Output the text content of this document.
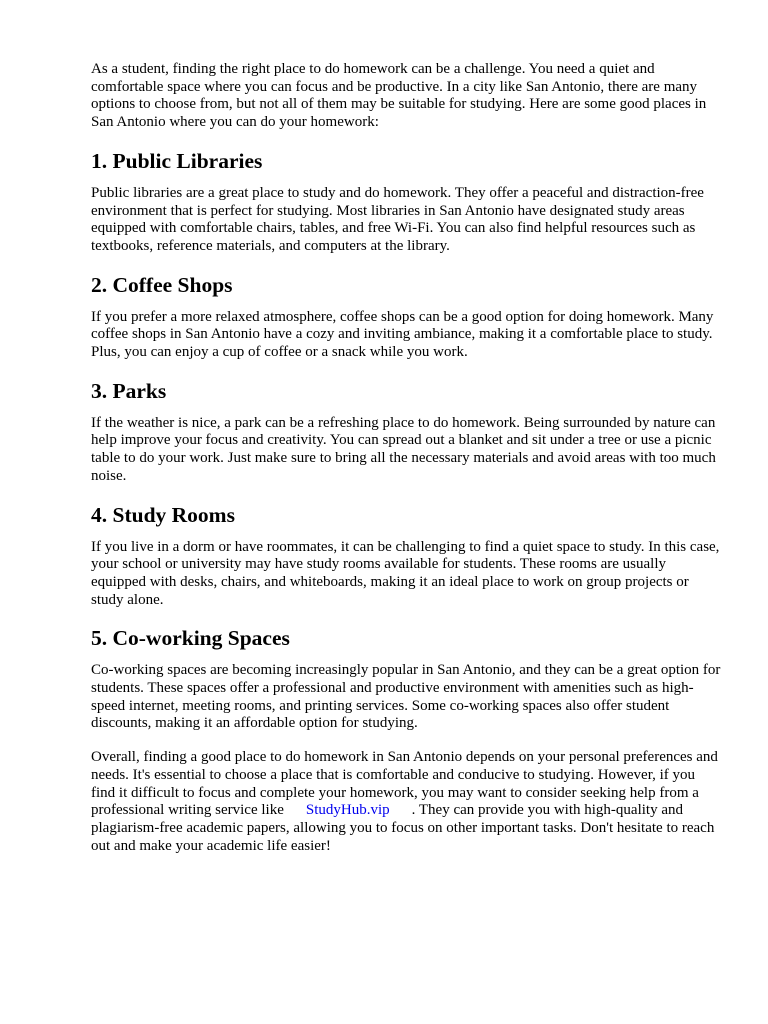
As a student, finding the right place to do homework can be a challenge. You need a quiet and comfortable space where you can focus and be productive. In a city like San Antonio, there are many options to choose from, but not all of them may be suitable for studying. Here are some good places in San Antonio where you can do your homework:

1. Public Libraries

Public libraries are a great place to study and do homework. They offer a peaceful and distraction-free environment that is perfect for studying. Most libraries in San Antonio have designated study areas equipped with comfortable chairs, tables, and free Wi-Fi. You can also find helpful resources such as textbooks, reference materials, and computers at the library.

2. Coffee Shops

If you prefer a more relaxed atmosphere, coffee shops can be a good option for doing homework. Many coffee shops in San Antonio have a cozy and inviting ambiance, making it a comfortable place to study. Plus, you can enjoy a cup of coffee or a snack while you work.

3. Parks

If the weather is nice, a park can be a refreshing place to do homework. Being surrounded by nature can help improve your focus and creativity. You can spread out a blanket and sit under a tree or use a picnic table to do your work. Just make sure to bring all the necessary materials and avoid areas with too much noise.

4. Study Rooms

If you live in a dorm or have roommates, it can be challenging to find a quiet space to study. In this case, your school or university may have study rooms available for students. These rooms are usually equipped with desks, chairs, and whiteboards, making it an ideal place to work on group projects or study alone.

5. Co-working Spaces

Co-working spaces are becoming increasingly popular in San Antonio, and they can be a great option for students. These spaces offer a professional and productive environment with amenities such as high-speed internet, meeting rooms, and printing services. Some co-working spaces also offer student discounts, making it an affordable option for studying.

Overall, finding a good place to do homework in San Antonio depends on your personal preferences and needs. It's essential to choose a place that is comfortable and conducive to studying. However, if you find it difficult to focus and complete your homework, you may want to consider seeking help from a professional writing service like StudyHub.vip . They can provide you with high-quality and plagiarism-free academic papers, allowing you to focus on other important tasks. Don't hesitate to reach out and make your academic life easier!
